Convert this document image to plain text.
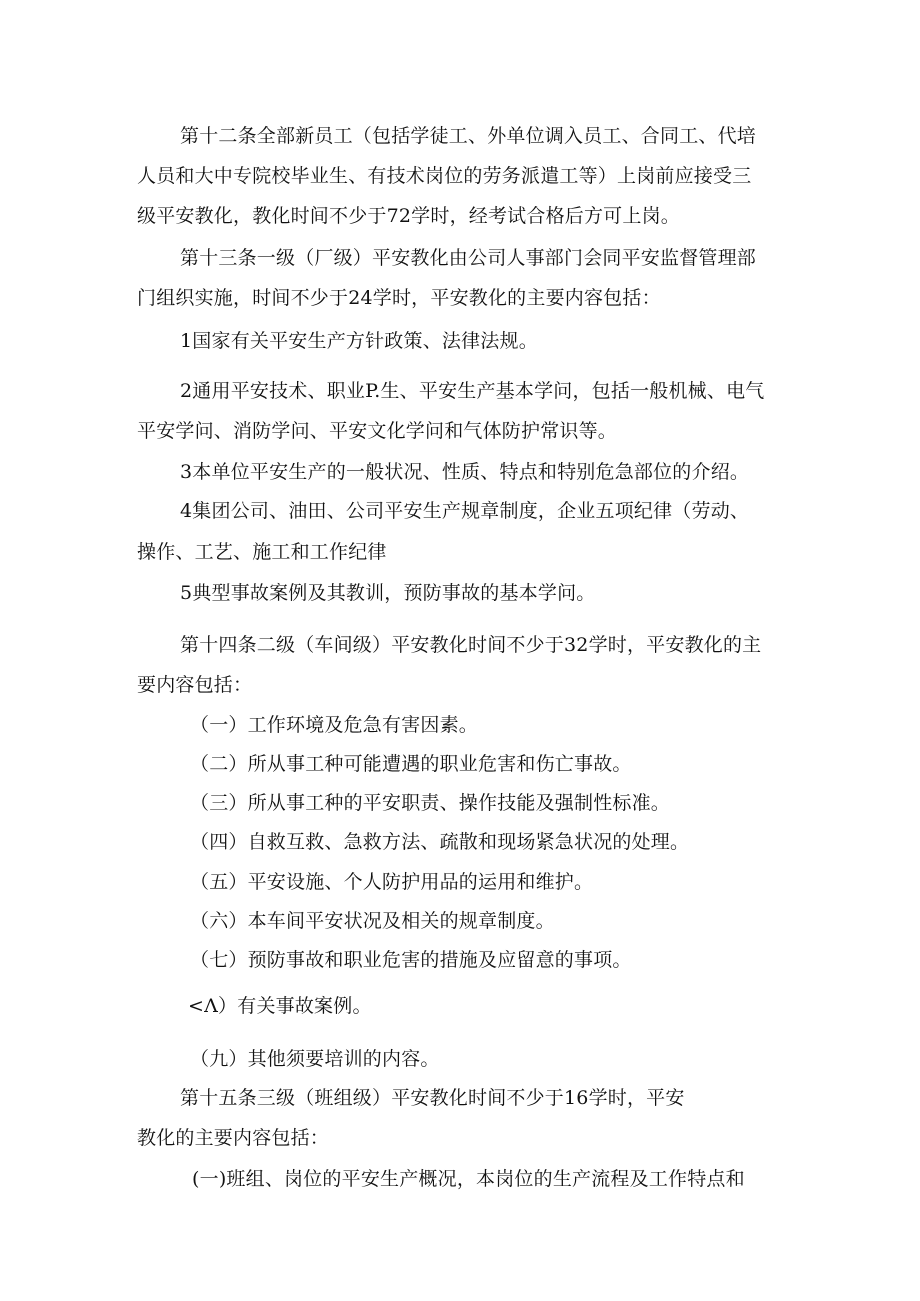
第十二条全部新员工（包括学徒工、外单位调入员工、合同工、代培
人员和大中专院校毕业生、有技术岗位的劳务派遣工等）上岗前应接受三
级平安教化，教化时间不少于72学时，经考试合格后方可上岗。
第十三条一级（厂级）平安教化由公司人事部门会同平安监督管理部
门组织实施，时间不少于24学时，平安教化的主要内容包括：
1国家有关平安生产方针政策、法律法规。
2通用平安技术、职业P.生、平安生产基本学问，包括一般机械、电气
平安学问、消防学问、平安文化学问和气体防护常识等。
3本单位平安生产的一般状况、性质、特点和特别危急部位的介绍。
4集团公司、油田、公司平安生产规章制度，企业五项纪律（劳动、
操作、工艺、施工和工作纪律
5典型事故案例及其教训，预防事故的基本学问。
第十四条二级（车间级）平安教化时间不少于32学时，平安教化的主
要内容包括：
（一）工作环境及危急有害因素。
（二）所从事工种可能遭遇的职业危害和伤亡事故。
（三）所从事工种的平安职责、操作技能及强制性标准。
（四）自救互救、急救方法、疏散和现场紧急状况的处理。
（五）平安设施、个人防护用品的运用和维护。
（六）本车间平安状况及相关的规章制度。
（七）预防事故和职业危害的措施及应留意的事项。
<Λ）有关事故案例。
（九）其他须要培训的内容。
第十五条三级（班组级）平安教化时间不少于16学时，平安
教化的主要内容包括：
(一)班组、岗位的平安生产概况，本岗位的生产流程及工作特点和
